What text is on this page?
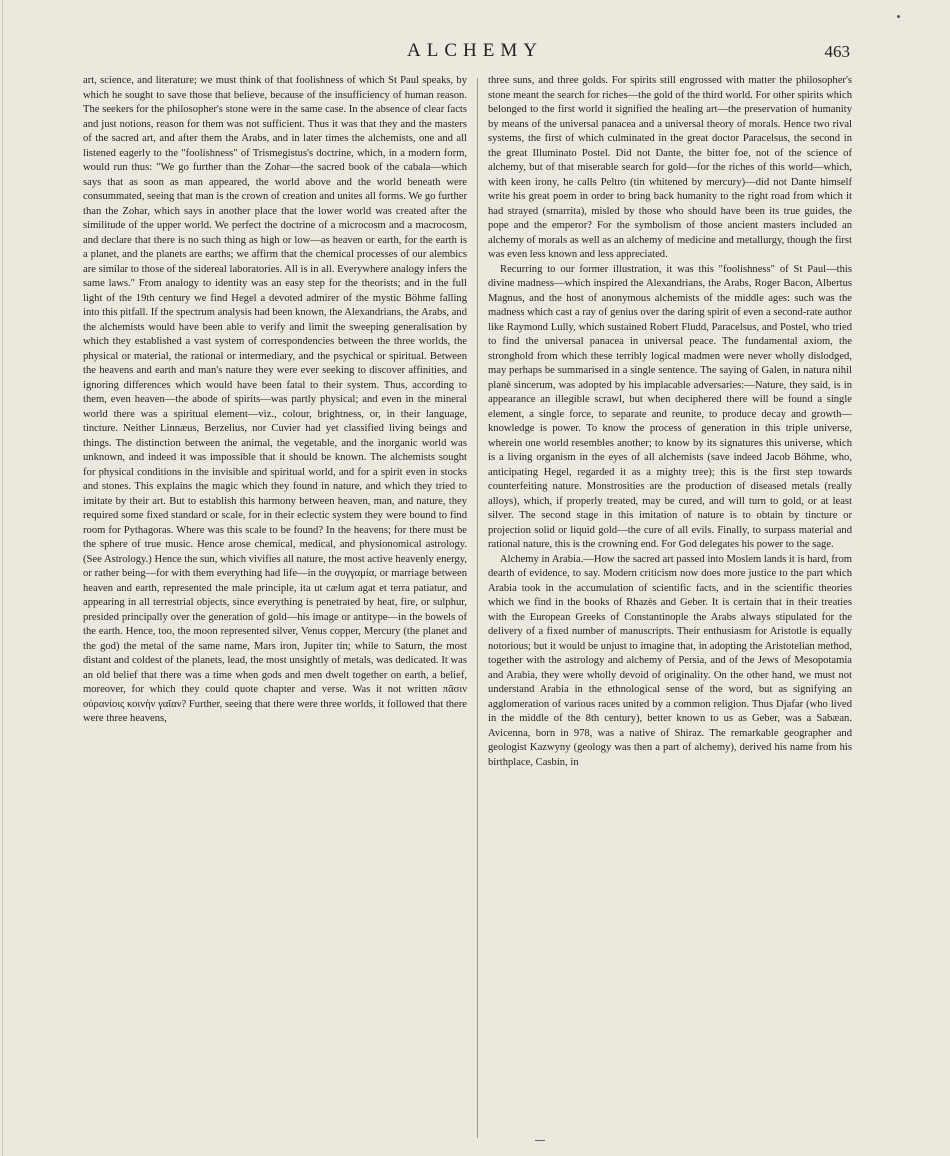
ALCHEMY	463

art, science, and literature; we must think of that foolishness of which St Paul speaks, by which he sought to save those that believe, because of the insufficiency of human reason. The seekers for the philosopher's stone were in the same case. In the absence of clear facts and just notions, reason for them was not sufficient. Thus it was that they and the masters of the sacred art, and after them the Arabs, and in later times the alchemists, one and all listened eagerly to the "foolishness" of Trismegistus's doctrine, which, in a modern form, would run thus: "We go further than the Zohar—the sacred book of the cabala—which says that as soon as man appeared, the world above and the world beneath were consummated, seeing that man is the crown of creation and unites all forms. We go further than the Zohar, which says in another place that the lower world was created after the similitude of the upper world. We perfect the doctrine of a microcosm and a macrocosm, and declare that there is no such thing as high or low—as heaven or earth, for the earth is a planet, and the planets are earths; we affirm that the chemical processes of our alembics are similar to those of the sidereal laboratories. All is in all. Everywhere analogy infers the same laws." From analogy to identity was an easy step for the theorists; and in the full light of the 19th century we find Hegel a devoted admirer of the mystic Böhme falling into this pitfall. If the spectrum analysis had been known, the Alexandrians, the Arabs, and the alchemists would have been able to verify and limit the sweeping generalisation by which they established a vast system of correspondencies between the three worlds, the physical or material, the rational or intermediary, and the psychical or spiritual. Between the heavens and earth and man's nature they were ever seeking to discover affinities, and ignoring differences which would have been fatal to their system. Thus, according to them, even heaven—the abode of spirits—was partly physical; and even in the mineral world there was a spiritual element—viz., colour, brightness, or, in their language, tincture. Neither Linnæus, Berzelius, nor Cuvier had yet classified living beings and things. The distinction between the animal, the vegetable, and the inorganic world was unknown, and indeed it was impossible that it should be known. The alchemists sought for physical conditions in the invisible and spiritual world, and for a spirit even in stocks and stones. This explains the magic which they found in nature, and which they tried to imitate by their art. But to establish this harmony between heaven, man, and nature, they required some fixed standard or scale, for in their eclectic system they were bound to find room for Pythagoras. Where was this scale to be found? In the heavens; for there must be the sphere of true music. Hence arose chemical, medical, and physionomical astrology. (See Astrology.) Hence the sun, which vivifies all nature, the most active heavenly energy, or rather being—for with them everything had life—in the συγγαμία, or marriage between heaven and earth, represented the male principle, ita ut cælum agat et terra patiatur, and appearing in all terrestrial objects, since everything is penetrated by heat, fire, or sulphur, presided principally over the generation of gold—his image or antitype—in the bowels of the earth. Hence, too, the moon represented silver, Venus copper, Mercury (the planet and the god) the metal of the same name, Mars iron, Jupiter tin; while to Saturn, the most distant and coldest of the planets, lead, the most unsightly of metals, was dedicated. It was an old belief that there was a time when gods and men dwelt together on earth, a belief, moreover, for which they could quote chapter and verse. Was it not written πᾶσιν οὐρανίοις κοινὴν γαῖαν? Further, seeing that there were three worlds, it followed that there were three heavens,

three suns, and three golds. For spirits still engrossed with matter the philosopher's stone meant the search for riches—the gold of the third world. For other spirits which belonged to the first world it signified the healing art—the preservation of humanity by means of the universal panacea and a universal theory of morals. Hence two rival systems, the first of which culminated in the great doctor Paracelsus, the second in the great Illuminato Postel. Did not Dante, the bitter foe, not of the science of alchemy, but of that miserable search for gold—for the riches of this world—which, with keen irony, he calls Peltro (tin whitened by mercury)—did not Dante himself write his great poem in order to bring back humanity to the right road from which it had strayed (smarrita), misled by those who should have been its true guides, the pope and the emperor? For the symbolism of those ancient masters included an alchemy of morals as well as an alchemy of medicine and metallurgy, though the first was even less known and less appreciated.

Recurring to our former illustration, it was this "foolishness" of St Paul—this divine madness—which inspired the Alexandrians, the Arabs, Roger Bacon, Albertus Magnus, and the host of anonymous alchemists of the middle ages: such was the madness which cast a ray of genius over the daring spirit of even a second-rate author like Raymond Lully, which sustained Robert Fludd, Paracelsus, and Postel, who tried to find the universal panacea in universal peace. The fundamental axiom, the stronghold from which these terribly logical madmen were never wholly dislodged, may perhaps be summarised in a single sentence. The saying of Galen, in natura nihil planè sincerum, was adopted by his implacable adversaries:—Nature, they said, is in appearance an illegible scrawl, but when deciphered there will be found a single element, a single force, to separate and reunite, to produce decay and growth—knowledge is power. To know the process of generation in this triple universe, wherein one world resembles another; to know by its signatures this universe, which is a living organism in the eyes of all alchemists (save indeed Jacob Böhme, who, anticipating Hegel, regarded it as a mighty tree); this is the first step towards counterfeiting nature. Monstrosities are the production of diseased metals (really alloys), which, if properly treated, may be cured, and will turn to gold, or at least silver. The second stage in this imitation of nature is to obtain by tincture or projection solid or liquid gold—the cure of all evils. Finally, to surpass material and rational nature, this is the crowning end. For God delegates his power to the sage.

Alchemy in Arabia.—How the sacred art passed into Moslem lands it is hard, from dearth of evidence, to say. Modern criticism now does more justice to the part which Arabia took in the accumulation of scientific facts, and in the scientific theories which we find in the books of Rhazès and Geber. It is certain that in their treaties with the European Greeks of Constantinople the Arabs always stipulated for the delivery of a fixed number of manuscripts. Their enthusiasm for Aristotle is equally notorious; but it would be unjust to imagine that, in adopting the Aristotelian method, together with the astrology and alchemy of Persia, and of the Jews of Mesopotamia and Arabia, they were wholly devoid of originality. On the other hand, we must not understand Arabia in the ethnological sense of the word, but as signifying an agglomeration of various races united by a common religion. Thus Djafar (who lived in the middle of the 8th century), better known to us as Geber, was a Sabæan. Avicenna, born in 978, was a native of Shiraz. The remarkable geographer and geologist Kazwyny (geology was then a part of alchemy), derived his name from his birthplace, Casbin, in
